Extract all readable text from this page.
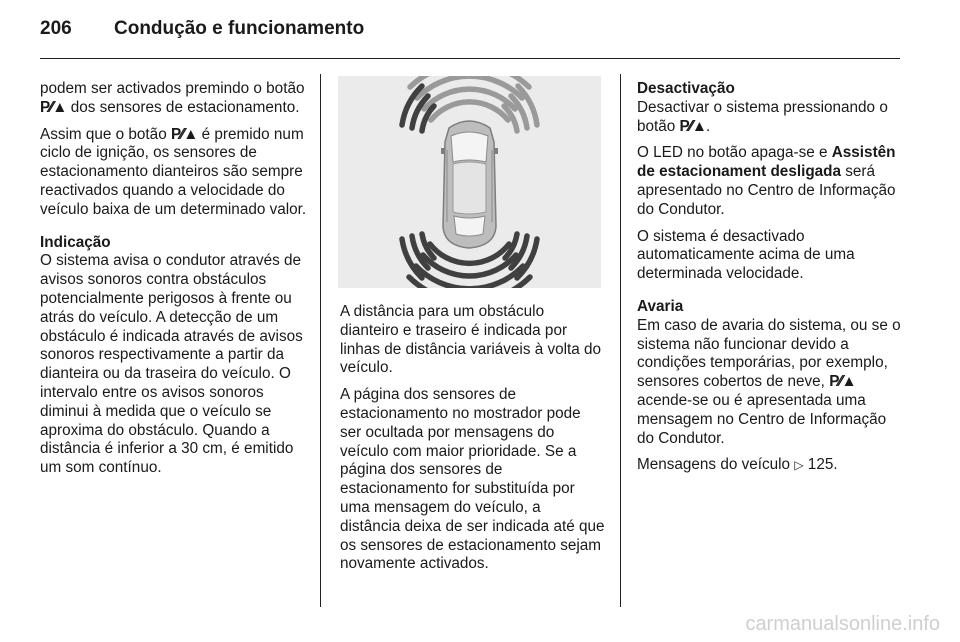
206	Condução e funcionamento

podem ser activados premindo o botão P⁄⁄▲ dos sensores de estacionamento.

Assim que o botão P⁄⁄▲ é premido num ciclo de ignição, os sensores de estacionamento dianteiros são sempre reactivados quando a velocidade do veículo baixa de um determinado valor.

Indicação
O sistema avisa o condutor através de avisos sonoros contra obstáculos potencialmente perigosos à frente ou atrás do veículo. A detecção de um obstáculo é indicada através de avisos sonoros respectivamente a partir da dianteira ou da traseira do veículo. O intervalo entre os avisos sonoros diminui à medida que o veículo se aproxima do obstáculo. Quando a distância é inferior a 30 cm, é emitido um som contínuo.

A distância para um obstáculo dianteiro e traseiro é indicada por linhas de distância variáveis à volta do veículo.

A página dos sensores de estacionamento no mostrador pode ser ocultada por mensagens do veículo com maior prioridade. Se a página dos sensores de estacionamento for substituída por uma mensagem do veículo, a distância deixa de ser indicada até que os sensores de estacionamento sejam novamente activados.

Desactivação
Desactivar o sistema pressionando o botão P⁄⁄▲.

O LED no botão apaga-se e Assistên de estacionament desligada será apresentado no Centro de Informação do Condutor.

O sistema é desactivado automaticamente acima de uma determinada velocidade.

Avaria
Em caso de avaria do sistema, ou se o sistema não funcionar devido a condições temporárias, por exemplo, sensores cobertos de neve, P⁄⁄▲ acende-se ou é apresentada uma mensagem no Centro de Informação do Condutor.

Mensagens do veículo ▷ 125.

carmanualsonline.info
